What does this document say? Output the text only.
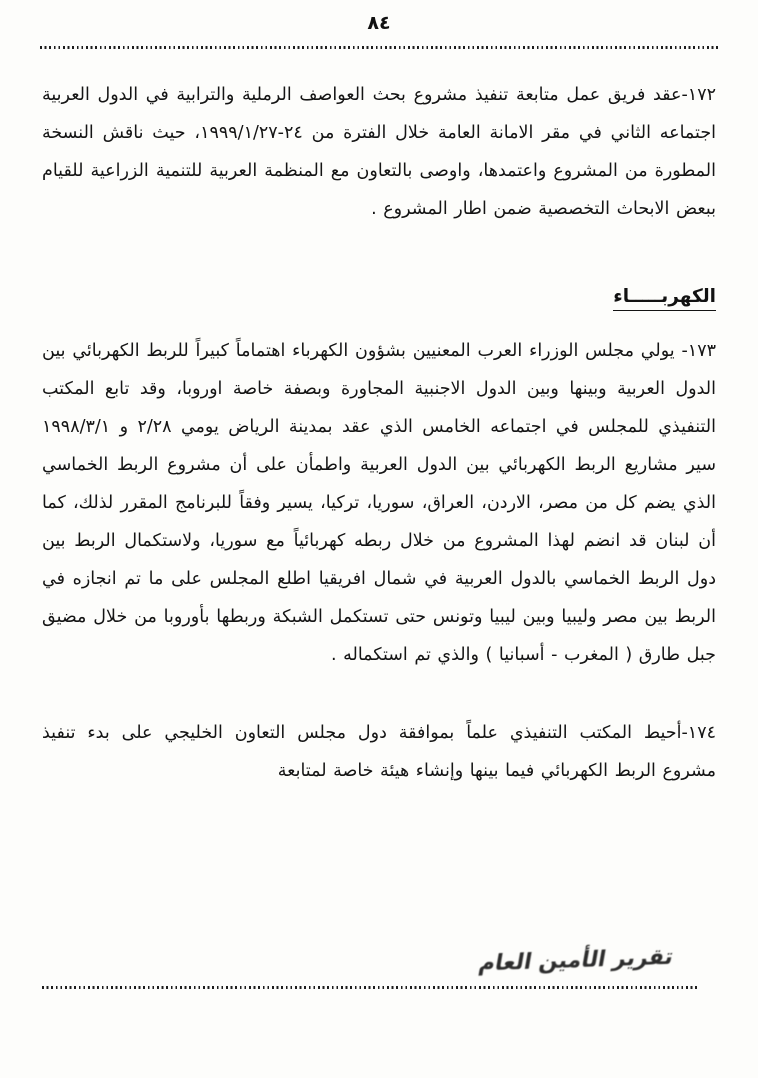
٨٤

١٧٢-عقد فريق عمل متابعة تنفيذ مشروع بحث العواصف الرملية والترابية في الدول العربية اجتماعه الثاني في مقر الامانة العامة خلال الفترة من ٢٤-١٩٩٩/١/٢٧، حيث ناقش النسخة المطورة من المشروع واعتمدها، واوصى بالتعاون مع المنظمة العربية للتنمية الزراعية للقيام ببعض الابحاث التخصصية ضمن اطار المشروع .

الكهربـــــاء

١٧٣- يولي مجلس الوزراء العرب المعنيين بشؤون الكهرباء اهتماماً كبيراً للربط الكهربائي بين الدول العربية وبينها وبين الدول الاجنبية المجاورة وبصفة خاصة اوروبا، وقد تابع المكتب التنفيذي للمجلس في اجتماعه الخامس الذي عقد بمدينة الرياض يومي ٢/٢٨ و ١٩٩٨/٣/١ سير مشاريع الربط الكهربائي بين الدول العربية واطمأن على أن مشروع الربط الخماسي الذي يضم كل من مصر، الاردن، العراق، سوريا، تركيا، يسير وفقاً للبرنامج المقرر لذلك، كما أن لبنان قد انضم لهذا المشروع من خلال ربطه كهربائياً مع سوريا، ولاستكمال الربط بين دول الربط الخماسي بالدول العربية في شمال افريقيا اطلع المجلس على ما تم انجازه في الربط بين مصر وليبيا وبين ليبيا وتونس حتى تستكمل الشبكة وربطها بأوروبا من خلال مضيق جبل طارق ( المغرب - أسبانيا ) والذي تم استكماله .

١٧٤-أحيط المكتب التنفيذي علماً بموافقة دول مجلس التعاون الخليجي على بدء تنفيذ مشروع الربط الكهربائي فيما بينها وإنشاء هيئة خاصة لمتابعة

تقرير الأمين العام
